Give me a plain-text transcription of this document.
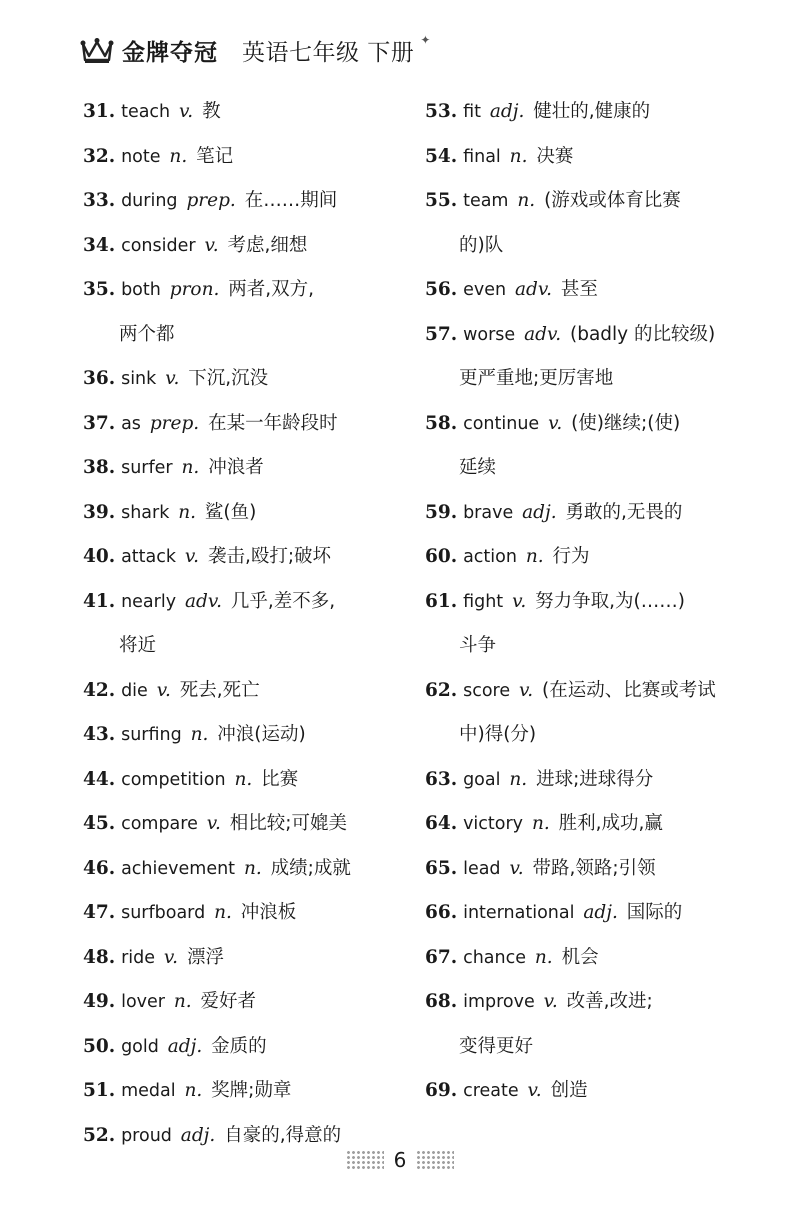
金牌夺冠 英语七年级 下册 ✦
31. teach v. 教
32. note n. 笔记
33. during prep. 在……期间
34. consider v. 考虑,细想
35. both pron. 两者,双方,
两个都
36. sink v. 下沉,沉没
37. as prep. 在某一年龄段时
38. surfer n. 冲浪者
39. shark n. 鲨(鱼)
40. attack v. 袭击,殴打;破坏
41. nearly adv. 几乎,差不多,
将近
42. die v. 死去,死亡
43. surfing n. 冲浪(运动)
44. competition n. 比赛
45. compare v. 相比较;可媲美
46. achievement n. 成绩;成就
47. surfboard n. 冲浪板
48. ride v. 漂浮
49. lover n. 爱好者
50. gold adj. 金质的
51. medal n. 奖牌;勋章
52. proud adj. 自豪的,得意的
53. fit adj. 健壮的,健康的
54. final n. 决赛
55. team n. (游戏或体育比赛
的)队
56. even adv. 甚至
57. worse adv. (badly 的比较级)
更严重地;更厉害地
58. continue v. (使)继续;(使)
延续
59. brave adj. 勇敢的,无畏的
60. action n. 行为
61. fight v. 努力争取,为(……)
斗争
62. score v. (在运动、比赛或考试
中)得(分)
63. goal n. 进球;进球得分
64. victory n. 胜利,成功,赢
65. lead v. 带路,领路;引领
66. international adj. 国际的
67. chance n. 机会
68. improve v. 改善,改进;
变得更好
69. create v. 创造
6
